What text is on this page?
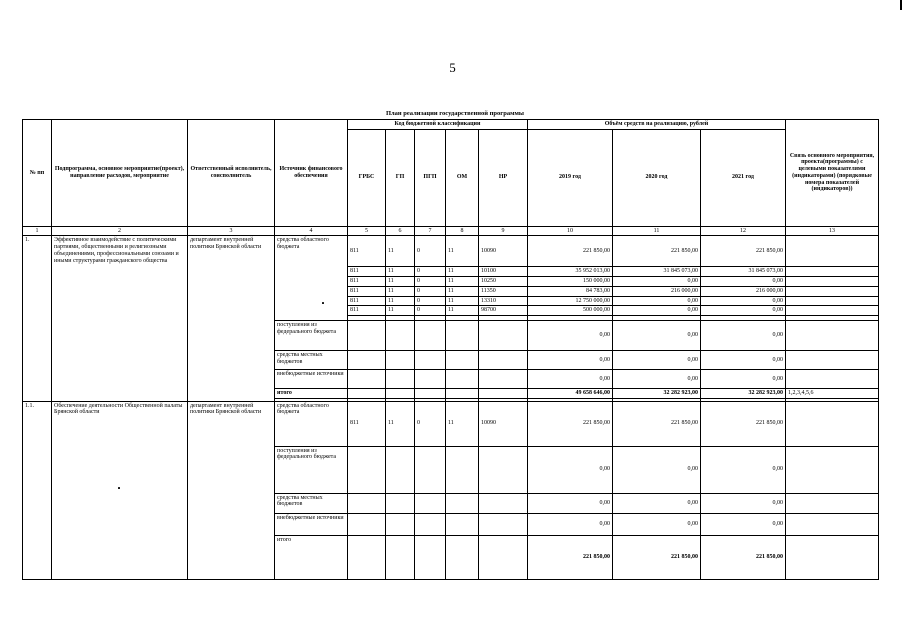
5
План реализации государственной программы
№ пп	Подпрограмма, основное мероприятие(проект), направление расходов, мероприятие	Ответственный исполнитель, соисполнитель	Источник финансового обеспечения	Код бюджетной классификации					Объём средств на реализацию, рублей			Связь основного мероприятия, проекта(программы) с целевыми показателями (индикаторами) (порядковые номера показателей (индикаторов))
				ГРБС	ГП	ПГП	ОМ	НР	2019 год	2020 год	2021 год	
1	2	3	4	5	6	7	8	9	10	11	12	13
1.	Эффективное взаимодействие с политическими партиями, общественными и религиозными объединениями, профессиональными союзами и иными структурами гражданского общества	департамент внутренней политики Брянской области	средства областного бюджета	811	11	0	11	10090	221 850,00	221 850,00	221 850,00	
				811	11	0	11	10100	35 952 013,00	31 845 073,00	31 845 073,00	
				811	11	0	11	10250	150 000,00	0,00	0,00	
				811	11	0	11	11350	84 783,00	216 000,00	216 000,00	
				811	11	0	11	13310	12 750 000,00	0,00	0,00	
				811	11	0	11	98700	500 000,00	0,00	0,00	

			поступления из федерального бюджета						0,00	0,00	0,00	
			средства местных бюджетов						0,00	0,00	0,00	
			внебюджетные источники						0,00	0,00	0,00	
			итого						49 658 646,00	32 282 923,00	32 282 923,00	1,2,3,4,5,6

1.1.	Обеспечение деятельности Общественной палаты Брянской области	департамент внутренней политики Брянской области	средства областного бюджета	811	11	0	11	10090	221 850,00	221 850,00	221 850,00	
			поступления из федерального бюджета						0,00	0,00	0,00	
			средства местных бюджетов						0,00	0,00	0,00	
			внебюджетные источники						0,00	0,00	0,00	
			итого						221 850,00	221 850,00	221 850,00	
